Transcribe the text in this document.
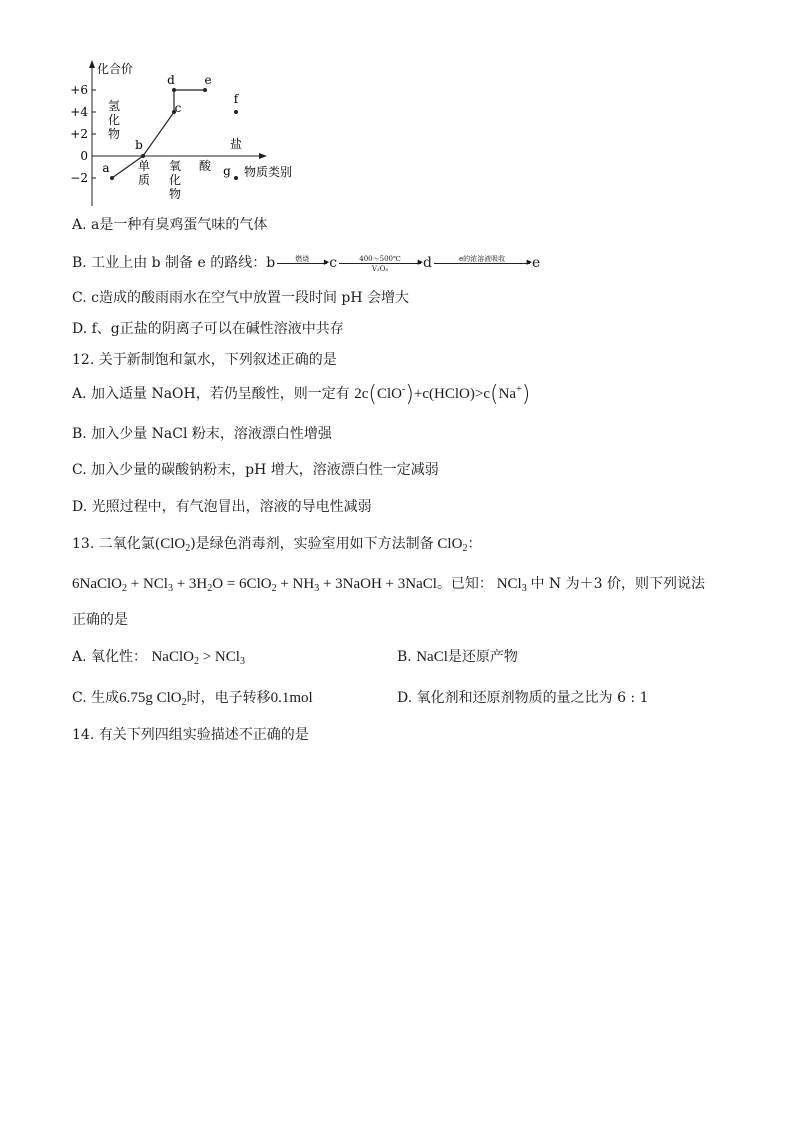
化合价
物质类别
+6
+4
+2
0
−2
氢化物
单质
氧化物
酸
盐
a
b
c
d e
f
g
A. a是一种有臭鸡蛋气味的气体
B. 工业上由 b 制备 e 的路线：b	燃烧	▶ c	400～500℃	▶
V₂O₅	d	e的浓溶液吸收	▶ e
C. c造成的酸雨雨水在空气中放置一段时间 pH 会增大
D. f、g正盐的阴离子可以在碱性溶液中共存
12. 关于新制饱和氯水，下列叙述正确的是
A. 加入适量 NaOH，若仍呈酸性，则一定有 2c(ClO-)+c(HClO)>c(Na+)
B. 加入少量 NaCl 粉末，溶液漂白性增强
C. 加入少量的碳酸钠粉末，pH 增大，溶液漂白性一定减弱
D. 光照过程中，有气泡冒出，溶液的导电性减弱
13. 二氧化氯(ClO$_2$)是绿色消毒剂，实验室用如下方法制备 ClO$_2$：
6NaClO$_2$ + $NCl_3 + 3H_2O = 6ClO_2 + NH_3$ + 3NaOH + 3NaCl。已知： NCl$_3$ 中 N 为＋3 价，则下列说法
正确的是
A. 氧化性： NaClO$_2$ > NCl$_3$	B. NaCl是还原产物
C. 生成6.75g ClO$_2$时，电子转移0.1mol	D. 氧化剂和还原剂物质的量之比为 6 : 1
14. 有关下列四组实验描述不正确的是
